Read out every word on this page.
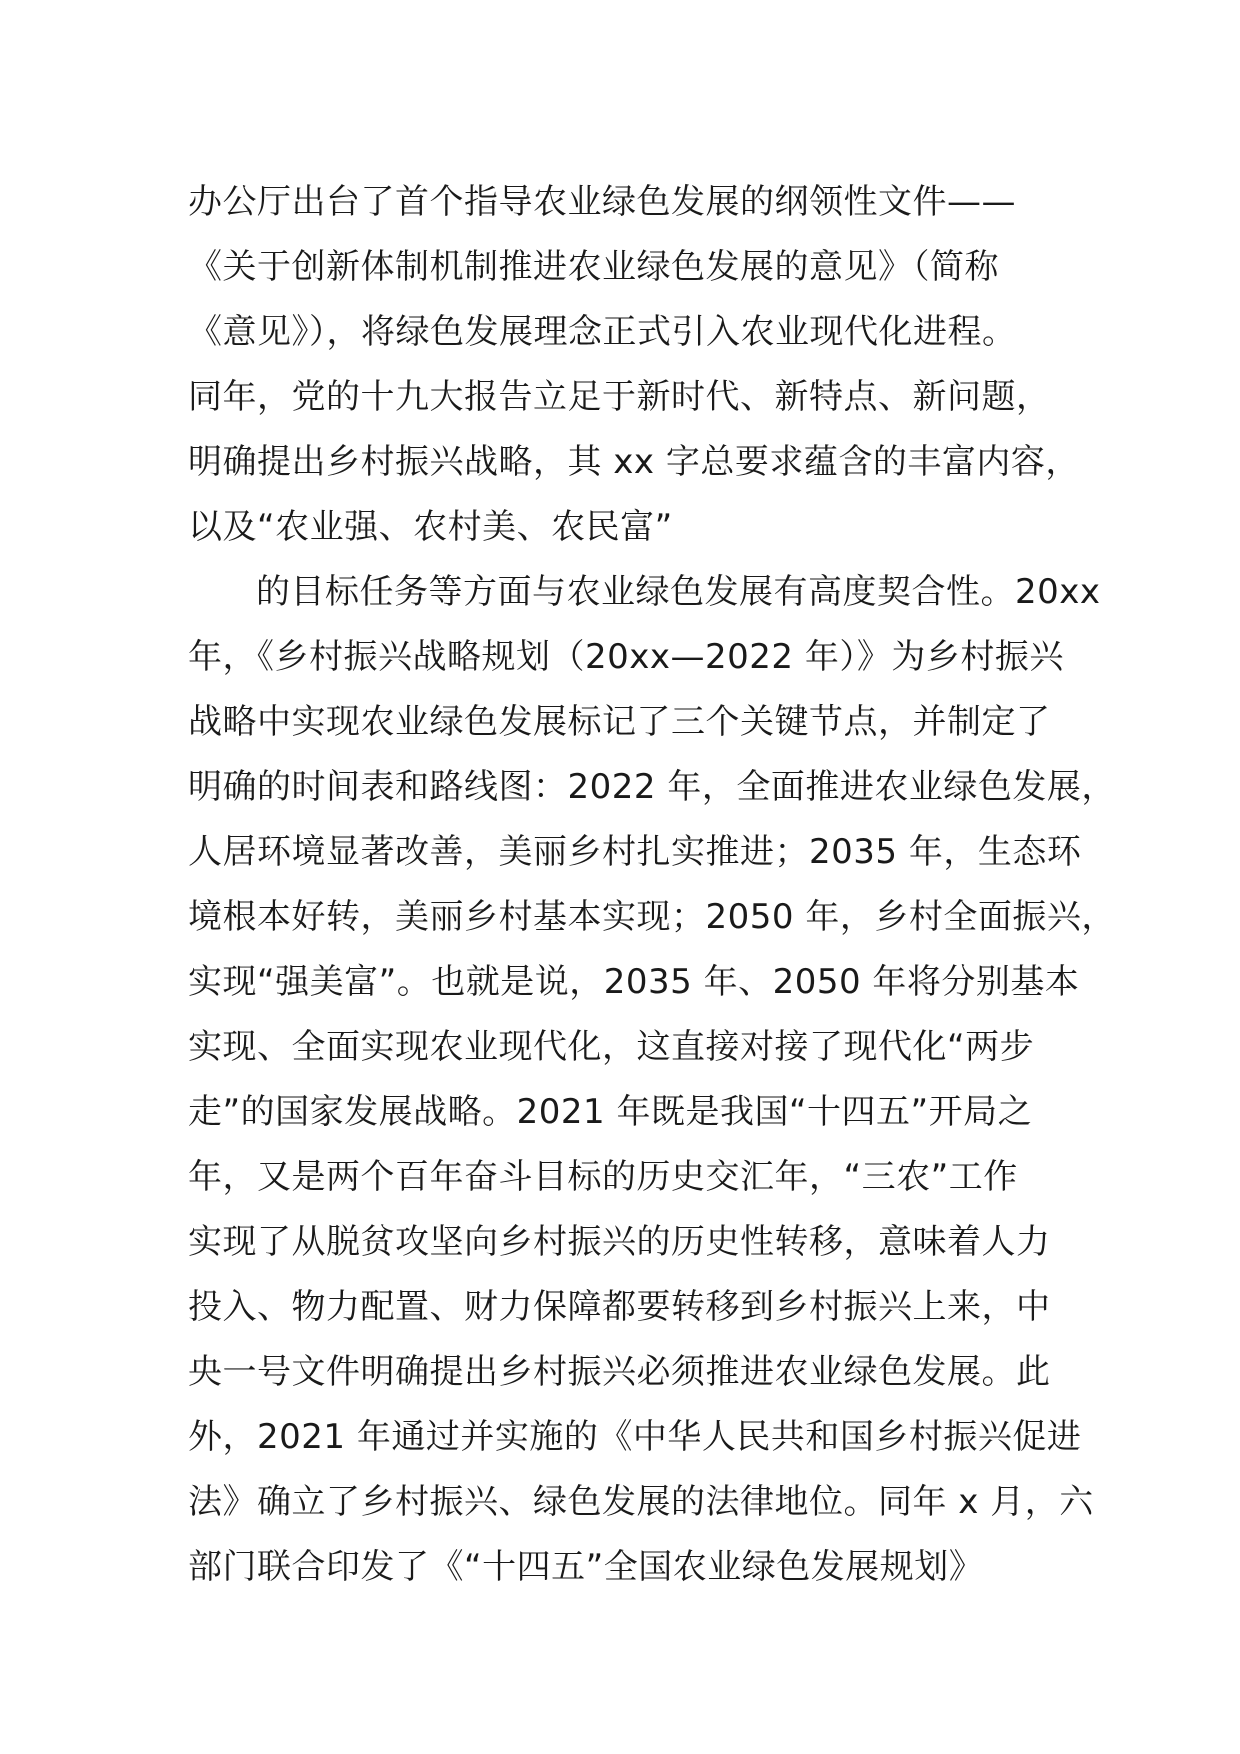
办公厅出台了首个指导农业绿色发展的纲领性文件——
《关于创新体制机制推进农业绿色发展的意见》（简称
《意见》），将绿色发展理念正式引入农业现代化进程。
同年，党的十九大报告立足于新时代、新特点、新问题，
明确提出乡村振兴战略，其 xx 字总要求蕴含的丰富内容，
以及“农业强、农村美、农民富”
的目标任务等方面与农业绿色发展有高度契合性。20xx
年，《乡村振兴战略规划（20xx—2022 年）》为乡村振兴
战略中实现农业绿色发展标记了三个关键节点，并制定了
明确的时间表和路线图：2022 年，全面推进农业绿色发展，
人居环境显著改善，美丽乡村扎实推进；2035 年，生态环
境根本好转，美丽乡村基本实现；2050 年，乡村全面振兴，
实现“强美富”。也就是说，2035 年、2050 年将分别基本
实现、全面实现农业现代化，这直接对接了现代化“两步
走”的国家发展战略。2021 年既是我国“十四五”开局之
年，又是两个百年奋斗目标的历史交汇年，“三农”工作
实现了从脱贫攻坚向乡村振兴的历史性转移，意味着人力
投入、物力配置、财力保障都要转移到乡村振兴上来，中
央一号文件明确提出乡村振兴必须推进农业绿色发展。此
外，2021 年通过并实施的《中华人民共和国乡村振兴促进
法》确立了乡村振兴、绿色发展的法律地位。同年 x 月，六
部门联合印发了《“十四五”全国农业绿色发展规划》
